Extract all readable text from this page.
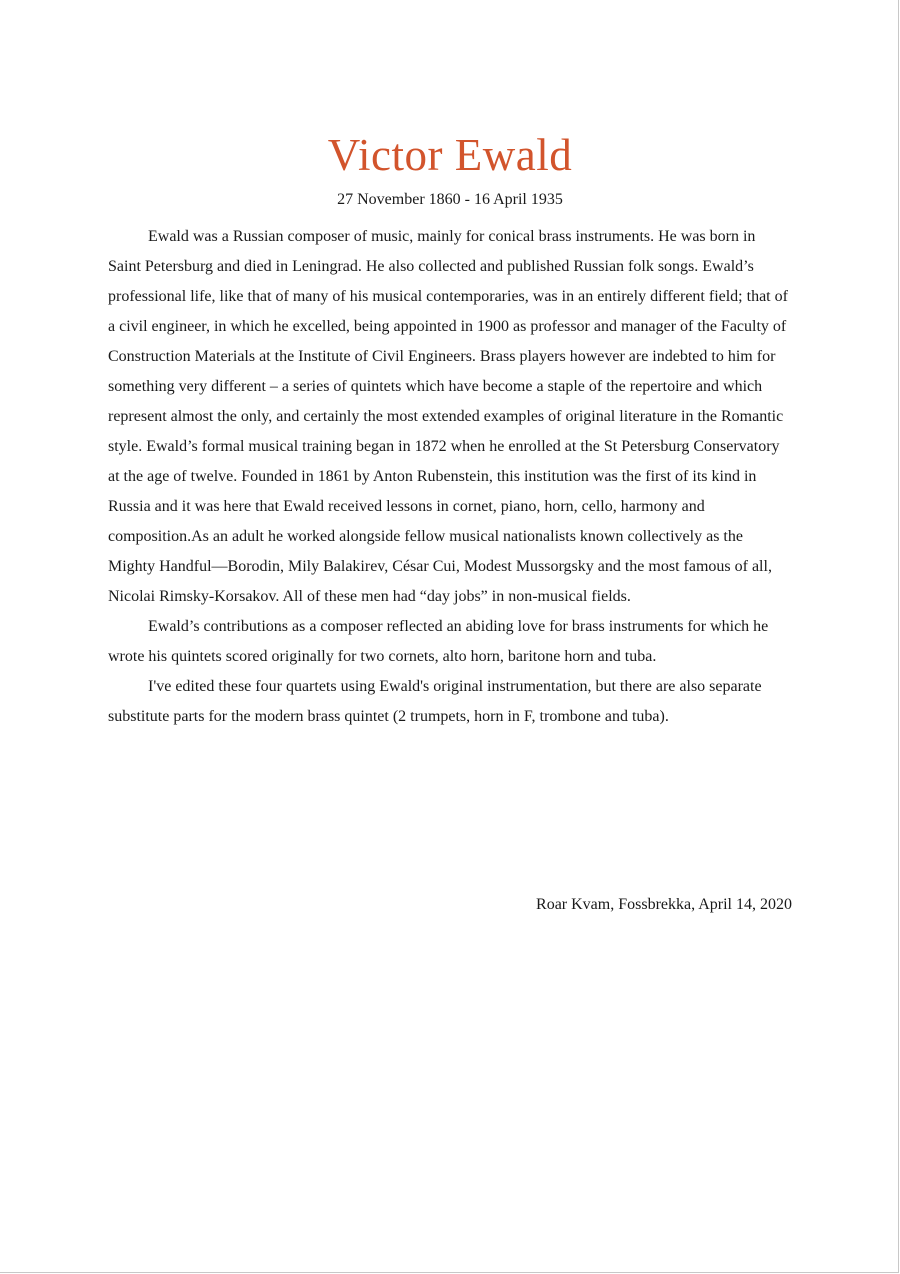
Victor Ewald
27 November 1860 - 16 April 1935

Ewald was a Russian composer of music, mainly for conical brass instruments. He was born in Saint Petersburg and died in Leningrad. He also collected and published Russian folk songs. Ewald’s professional life, like that of many of his musical contemporaries, was in an entirely different field; that of a civil engineer, in which he excelled, being appointed in 1900 as professor and manager of the Faculty of Construction Materials at the Institute of Civil Engineers. Brass players however are indebted to him for something very different – a series of quintets which have become a staple of the repertoire and which represent almost the only, and certainly the most extended examples of original literature in the Romantic style. Ewald’s formal musical training began in 1872 when he enrolled at the St Petersburg Conservatory at the age of twelve. Founded in 1861 by Anton Rubenstein, this institution was the first of its kind in Russia and it was here that Ewald received lessons in cornet, piano, horn, cello, harmony and composition.As an adult he worked alongside fellow musical nationalists known collectively as the Mighty Handful—Borodin, Mily Balakirev, César Cui, Modest Mussorgsky and the most famous of all, Nicolai Rimsky-Korsakov. All of these men had “day jobs” in non-musical fields.

Ewald’s contributions as a composer reflected an abiding love for brass instruments for which he wrote his quintets scored originally for two cornets, alto horn, baritone horn and tuba.

I've edited these four quartets using Ewald's original instrumentation, but there are also separate substitute parts for the modern brass quintet (2 trumpets, horn in F, trombone and tuba).

Roar Kvam, Fossbrekka, April 14, 2020
